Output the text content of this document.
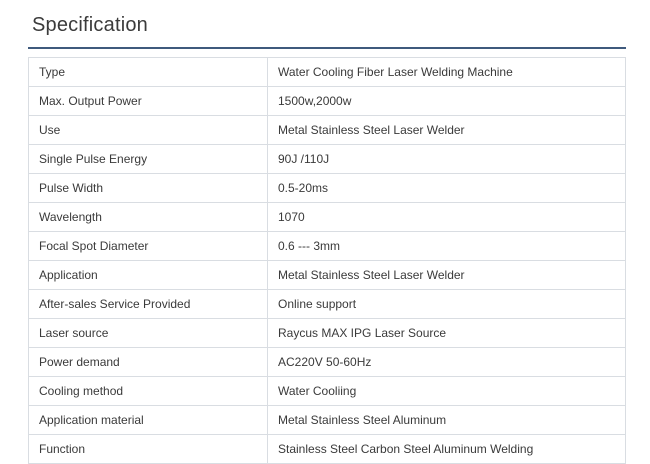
Specification
Type	Water Cooling Fiber Laser Welding Machine
Max. Output Power	1500w,2000w
Use	Metal Stainless Steel Laser Welder
Single Pulse Energy	90J /110J
Pulse Width	0.5-20ms
Wavelength	1070
Focal Spot Diameter	0.6 --- 3mm
Application	Metal Stainless Steel Laser Welder
After-sales Service Provided	Online support
Laser source	Raycus MAX IPG Laser Source
Power demand	AC220V 50-60Hz
Cooling method	Water Cooliing
Application material	Metal Stainless Steel Aluminum
Function	Stainless Steel Carbon Steel Aluminum Welding
